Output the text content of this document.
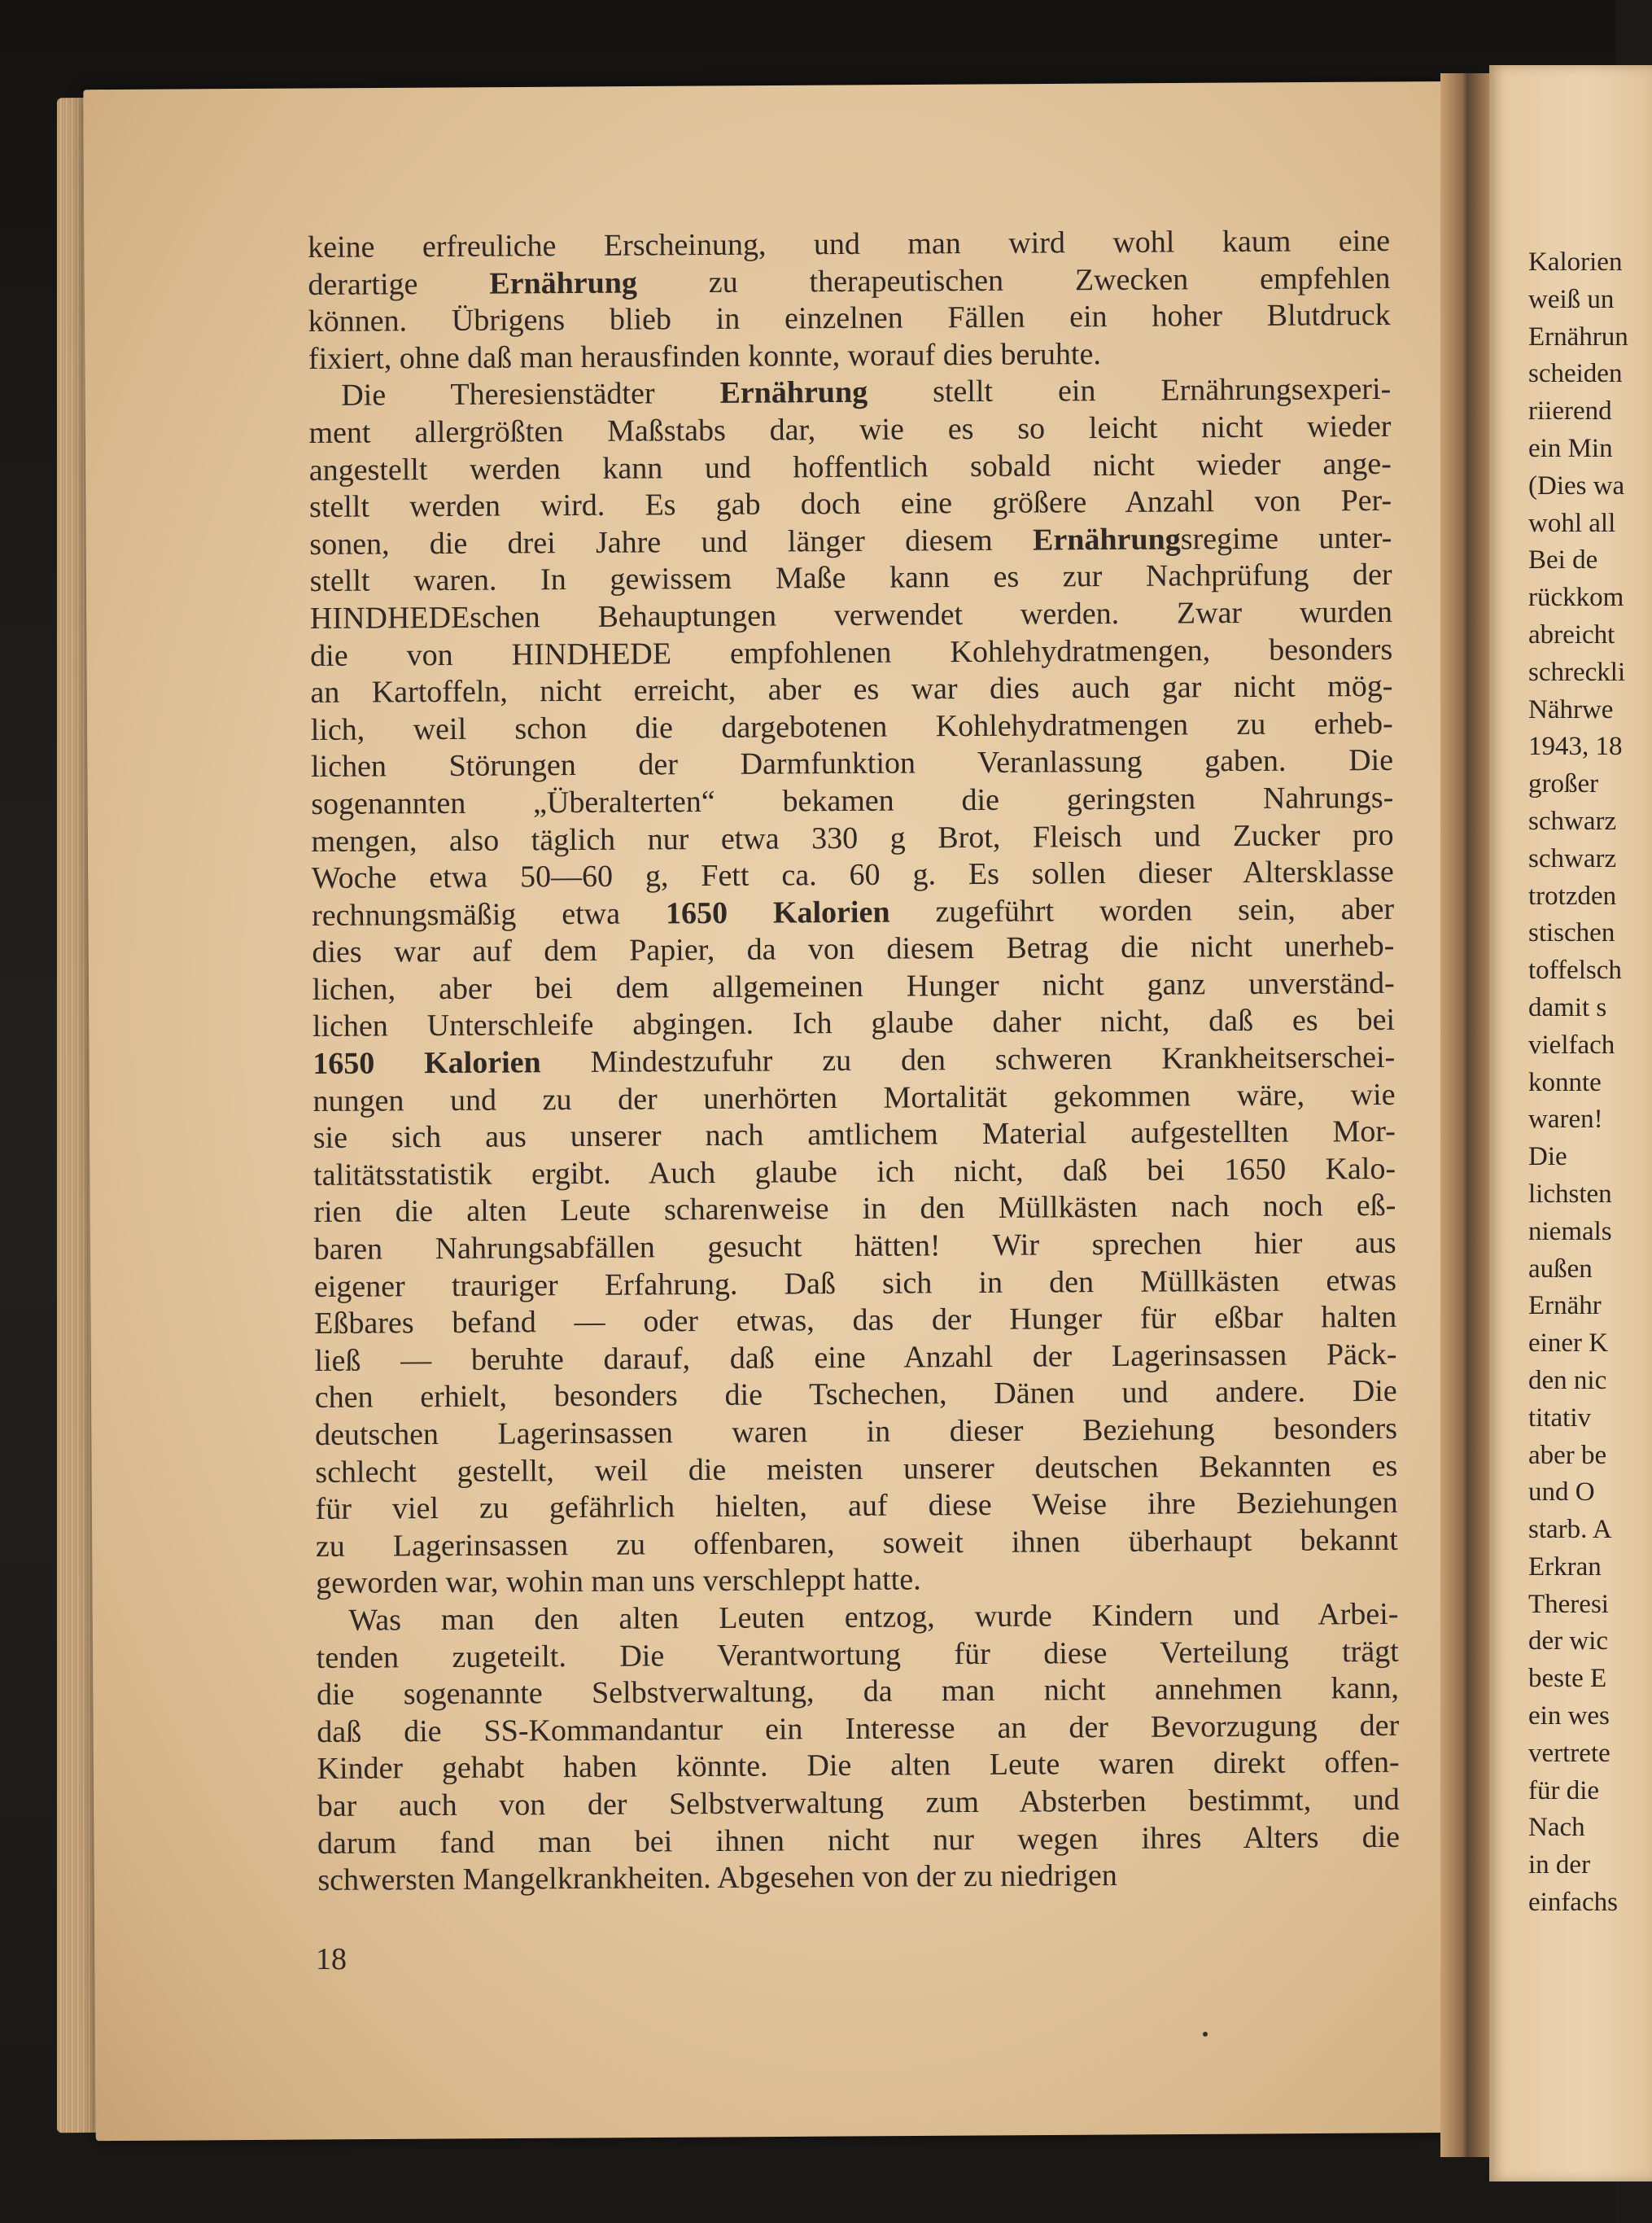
Kalorien
weiß un
Ernährun
scheiden
riierend
ein Min
(Dies wa
wohl all
Bei de
rückkom
abreicht
schreckli
Nährwe
1943, 18
großer
schwarz
schwarz
trotzden
stischen
toffelsch
damit s
vielfach
konnte
waren!
Die
lichsten
niemals
außen
Ernähr
einer K
den nic
titativ
aber be
und O
starb. A
Erkran
Theresi
der wic
beste E
ein wes
vertrete
für die
Nach
in der
einfachs
keine erfreuliche Erscheinung, und man wird wohl kaum eine
derartige Ernährung zu therapeutischen Zwecken empfehlen
können. Übrigens blieb in einzelnen Fällen ein hoher Blutdruck
fixiert, ohne daß man herausfinden konnte, worauf dies beruhte.
Die Theresienstädter Ernährung stellt ein Ernährungsexperi-
ment allergrößten Maßstabs dar, wie es so leicht nicht wieder
angestellt werden kann und hoffentlich sobald nicht wieder ange-
stellt werden wird. Es gab doch eine größere Anzahl von Per-
sonen, die drei Jahre und länger diesem Ernährungsregime unter-
stellt waren. In gewissem Maße kann es zur Nachprüfung der
HINDHEDEschen Behauptungen verwendet werden. Zwar wurden
die von HINDHEDE empfohlenen Kohlehydratmengen, besonders
an Kartoffeln, nicht erreicht, aber es war dies auch gar nicht mög-
lich, weil schon die dargebotenen Kohlehydratmengen zu erheb-
lichen Störungen der Darmfunktion Veranlassung gaben. Die
sogenannten „Überalterten“ bekamen die geringsten Nahrungs-
mengen, also täglich nur etwa 330 g Brot, Fleisch und Zucker pro
Woche etwa 50—60 g, Fett ca. 60 g. Es sollen dieser Altersklasse
rechnungsmäßig etwa 1650 Kalorien zugeführt worden sein, aber
dies war auf dem Papier, da von diesem Betrag die nicht unerheb-
lichen, aber bei dem allgemeinen Hunger nicht ganz unverständ-
lichen Unterschleife abgingen. Ich glaube daher nicht, daß es bei
1650 Kalorien Mindestzufuhr zu den schweren Krankheitserschei-
nungen und zu der unerhörten Mortalität gekommen wäre, wie
sie sich aus unserer nach amtlichem Material aufgestellten Mor-
talitätsstatistik ergibt. Auch glaube ich nicht, daß bei 1650 Kalo-
rien die alten Leute scharenweise in den Müllkästen nach noch eß-
baren Nahrungsabfällen gesucht hätten! Wir sprechen hier aus
eigener trauriger Erfahrung. Daß sich in den Müllkästen etwas
Eßbares befand — oder etwas, das der Hunger für eßbar halten
ließ — beruhte darauf, daß eine Anzahl der Lagerinsassen Päck-
chen erhielt, besonders die Tschechen, Dänen und andere. Die
deutschen Lagerinsassen waren in dieser Beziehung besonders
schlecht gestellt, weil die meisten unserer deutschen Bekannten es
für viel zu gefährlich hielten, auf diese Weise ihre Beziehungen
zu Lagerinsassen zu offenbaren, soweit ihnen überhaupt bekannt
geworden war, wohin man uns verschleppt hatte.
Was man den alten Leuten entzog, wurde Kindern und Arbei-
tenden zugeteilt. Die Verantwortung für diese Verteilung trägt
die sogenannte Selbstverwaltung, da man nicht annehmen kann,
daß die SS-Kommandantur ein Interesse an der Bevorzugung der
Kinder gehabt haben könnte. Die alten Leute waren direkt offen-
bar auch von der Selbstverwaltung zum Absterben bestimmt, und
darum fand man bei ihnen nicht nur wegen ihres Alters die
schwersten Mangelkrankheiten. Abgesehen von der zu niedrigen
18
